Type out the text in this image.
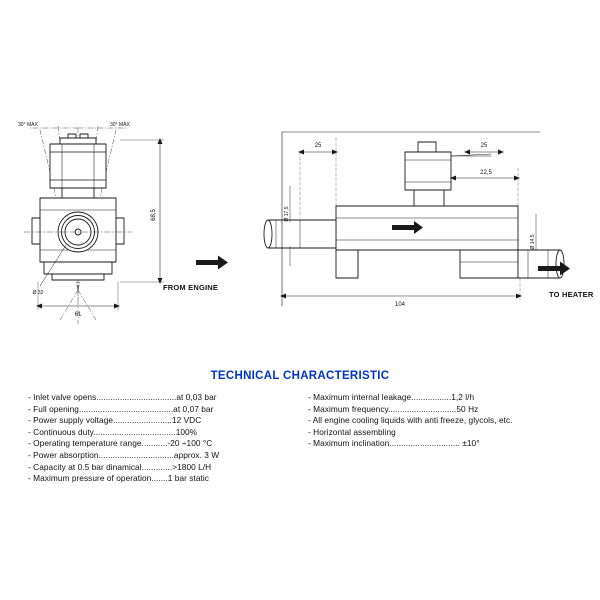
68,5
61
Ø 32
30° MAX	30° MAX
25	25
22,5
104
Ø 17,5
Ø 14,5
FROM ENGINE
TO HEATER
TECHNICAL CHARACTERISTIC
- Inlet valve opens..................................at 0,03 bar
- Full opening........................................at 0,07 bar
- Power supply voltage.........................12 VDC
- Continuous duty...................................100%
- Operating temperature range...........-20 ÷100 °C
- Power absorption................................approx. 3 W
- Capacity at 0.5 bar dinamical.............>1800 L/H
- Maximum pressure of operation.......1 bar static
- Maximum internal leakage.................1,2 l/h
- Maximum frequency.............................50 Hz
- All engine cooling liquids with anti freeze, glycols, etc.
- Horizontal assembling
- Maximum inclination.............................. ±10°
